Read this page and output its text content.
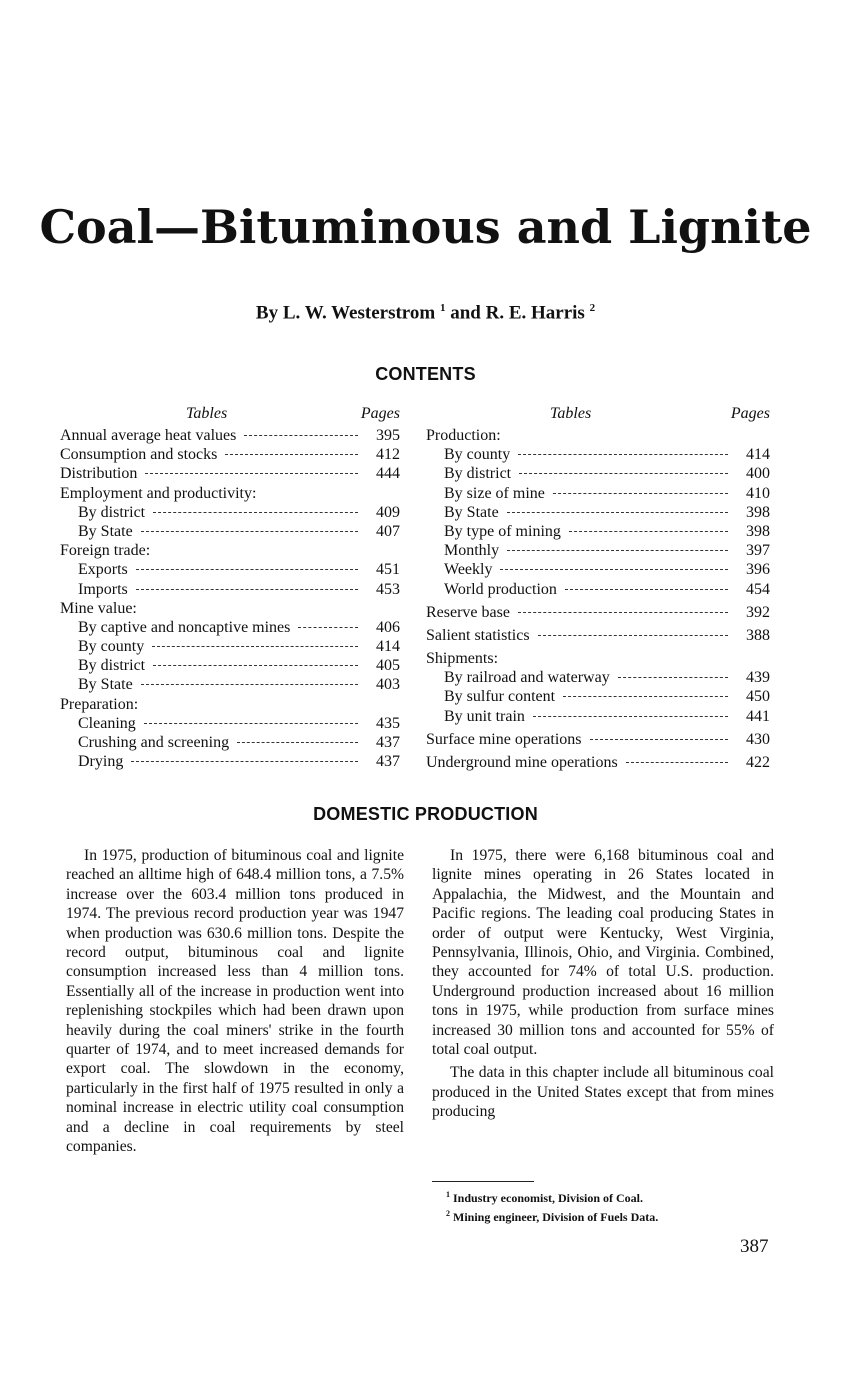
Coal—Bituminous and Lignite
By L. W. Westerstrom $^1$ and R. E. Harris $^2$
CONTENTS
Tables	Pages
Annual average heat values	395
Consumption and stocks	412
Distribution	444
Employment and productivity:
By district	409
By State	407
Foreign trade:
Exports	451
Imports	453
Mine value:
By captive and noncaptive mines	406
By county	414
By district	405
By State	403
Preparation:
Cleaning	435
Crushing and screening	437
Drying	437
Tables	Pages
Production:
By county	414
By district	400
By size of mine	410
By State	398
By type of mining	398
Monthly	397
Weekly	396
World production	454
Reserve base	392
Salient statistics	388
Shipments:
By railroad and waterway	439
By sulfur content	450
By unit train	441
Surface mine operations	430
Underground mine operations	422
DOMESTIC PRODUCTION

In 1975, production of bituminous coal and lignite reached an alltime high of 648.4 million tons, a 7.5% increase over the 603.4 million tons produced in 1974. The previous record production year was 1947 when production was 630.6 million tons. Despite the record output, bituminous coal and lignite consumption increased less than 4 million tons. Essentially all of the increase in production went into replenishing stockpiles which had been drawn upon heavily during the coal miners' strike in the fourth quarter of 1974, and to meet increased demands for export coal. The slowdown in the economy, particularly in the first half of 1975 resulted in only a nominal increase in electric utility coal consumption and a decline in coal requirements by steel companies.

In 1975, there were 6,168 bituminous coal and lignite mines operating in 26 States located in Appalachia, the Midwest, and the Mountain and Pacific regions. The leading coal producing States in order of output were Kentucky, West Virginia, Pennsylvania, Illinois, Ohio, and Virginia. Combined, they accounted for 74% of total U.S. production. Underground production increased about 16 million tons in 1975, while production from surface mines increased 30 million tons and accounted for 55% of total coal output.

The data in this chapter include all bituminous coal produced in the United States except that from mines producing

$^1$ Industry economist, Division of Coal.
$^2$ Mining engineer, Division of Fuels Data.
387
